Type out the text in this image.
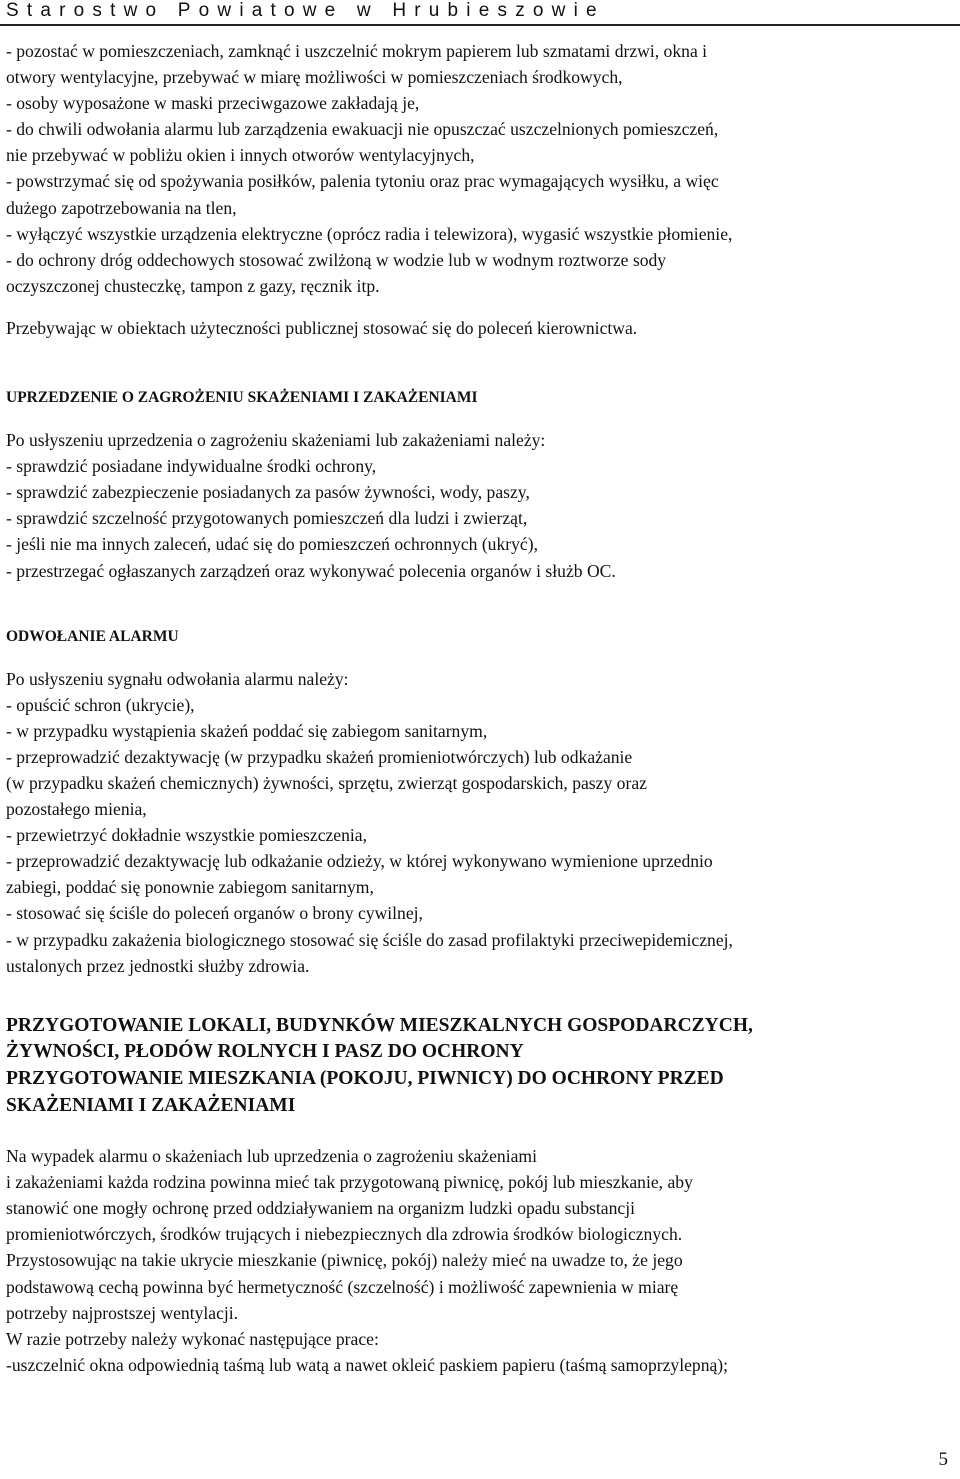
Starostwo Powiatowe w Hrubieszowie
- pozostać w pomieszczeniach, zamknąć i uszczelnić mokrym papierem lub szmatami drzwi, okna i
otwory wentylacyjne, przebywać w miarę możliwości w pomieszczeniach środkowych,
- osoby wyposażone w maski przeciwgazowe zakładają je,
- do chwili odwołania alarmu lub zarządzenia ewakuacji nie opuszczać uszczelnionych pomieszczeń,
nie przebywać w pobliżu okien i innych otworów wentylacyjnych,
- powstrzymać się od spożywania posiłków, palenia tytoniu oraz prac wymagających wysiłku, a więc
dużego zapotrzebowania na tlen,
- wyłączyć wszystkie urządzenia elektryczne (oprócz radia i telewizora), wygasić wszystkie płomienie,
- do ochrony dróg oddechowych stosować zwilżoną w wodzie lub w wodnym roztworze sody
oczyszczonej chusteczkę, tampon z gazy, ręcznik itp.
Przebywając w obiektach użyteczności publicznej stosować się do poleceń kierownictwa.
UPRZEDZENIE O ZAGROŻENIU SKAŻENIAMI I ZAKAŻENIAMI
Po usłyszeniu uprzedzenia o zagrożeniu skażeniami lub zakażeniami należy:
- sprawdzić posiadane indywidualne środki ochrony,
- sprawdzić zabezpieczenie posiadanych za pasów żywności, wody, paszy,
- sprawdzić szczelność przygotowanych pomieszczeń dla ludzi i zwierząt,
- jeśli nie ma innych zaleceń, udać się do pomieszczeń ochronnych (ukryć),
- przestrzegać ogłaszanych zarządzeń oraz wykonywać polecenia organów i służb OC.
ODWOŁANIE ALARMU
Po usłyszeniu sygnału odwołania alarmu należy:
- opuścić schron (ukrycie),
- w przypadku wystąpienia skażeń poddać się zabiegom sanitarnym,
- przeprowadzić dezaktywację (w przypadku skażeń promieniotwórczych) lub odkażanie
(w przypadku skażeń chemicznych) żywności, sprzętu, zwierząt gospodarskich, paszy oraz
pozostałego mienia,
- przewietrzyć dokładnie wszystkie pomieszczenia,
- przeprowadzić dezaktywację lub odkażanie odzieży, w której wykonywano wymienione uprzednio
zabiegi, poddać się ponownie zabiegom sanitarnym,
- stosować się ściśle do poleceń organów o brony cywilnej,
- w przypadku zakażenia biologicznego stosować się ściśle do zasad profilaktyki przeciwepidemicznej,
ustalonych przez jednostki służby zdrowia.
PRZYGOTOWANIE LOKALI, BUDYNKÓW MIESZKALNYCH GOSPODARCZYCH,
ŻYWNOŚCI, PŁODÓW ROLNYCH I PASZ DO OCHRONY
PRZYGOTOWANIE MIESZKANIA (POKOJU, PIWNICY) DO OCHRONY PRZED
SKAŻENIAMI I ZAKAŻENIAMI
Na wypadek alarmu o skażeniach lub uprzedzenia o zagrożeniu skażeniami
i zakażeniami każda rodzina powinna mieć tak przygotowaną piwnicę, pokój lub mieszkanie, aby
stanowić one mogły ochronę przed oddziaływaniem na organizm ludzki opadu substancji
promieniotwórczych, środków trujących i niebezpiecznych dla zdrowia środków biologicznych.
Przystosowując na takie ukrycie mieszkanie (piwnicę, pokój) należy mieć na uwadze to, że jego
podstawową cechą powinna być hermetyczność (szczelność) i możliwość zapewnienia w miarę
potrzeby najprostszej wentylacji.
W razie potrzeby należy wykonać następujące prace:
-uszczelnić okna odpowiednią taśmą lub watą a nawet okleić paskiem papieru (taśmą samoprzylepną);
5
